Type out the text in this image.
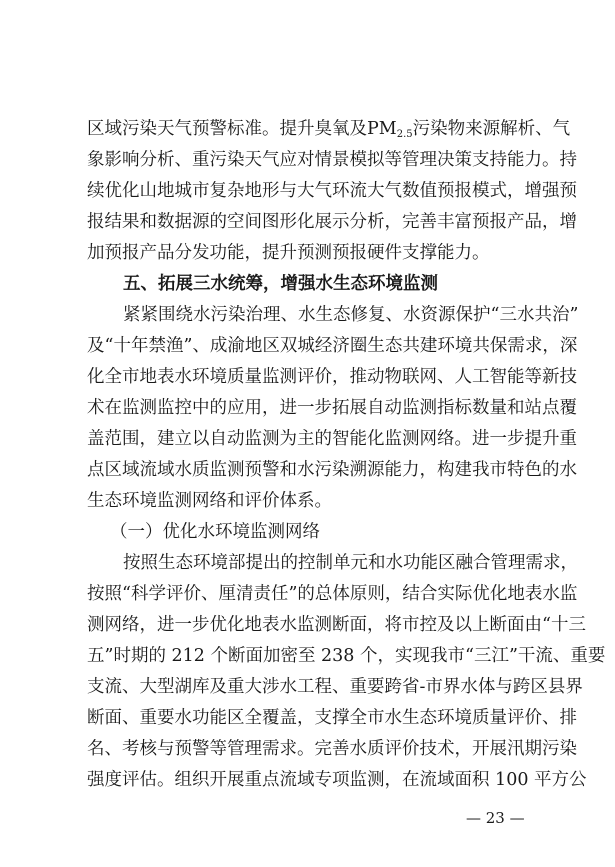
区域污染天气预警标准。提升臭氧及$PM_{2.5}$污染物来源解析、气
象影响分析、重污染天气应对情景模拟等管理决策支持能力。持
续优化山地城市复杂地形与大气环流大气数值预报模式，增强预
报结果和数据源的空间图形化展示分析，完善丰富预报产品，增
加预报产品分发功能，提升预测预报硬件支撑能力。
五、拓展三水统筹，增强水生态环境监测
紧紧围绕水污染治理、水生态修复、水资源保护“三水共治”
及“十年禁渔”、成渝地区双城经济圈生态共建环境共保需求，深
化全市地表水环境质量监测评价，推动物联网、人工智能等新技
术在监测监控中的应用，进一步拓展自动监测指标数量和站点覆
盖范围，建立以自动监测为主的智能化监测网络。进一步提升重
点区域流域水质监测预警和水污染溯源能力，构建我市特色的水
生态环境监测网络和评价体系。
（一）优化水环境监测网络
按照生态环境部提出的控制单元和水功能区融合管理需求，
按照“科学评价、厘清责任”的总体原则，结合实际优化地表水监
测网络，进一步优化地表水监测断面，将市控及以上断面由“十三
五”时期的 212 个断面加密至 238 个，实现我市“三江”干流、重要
支流、大型湖库及重大涉水工程、重要跨省-市界水体与跨区县界
断面、重要水功能区全覆盖，支撑全市水生态环境质量评价、排
名、考核与预警等管理需求。完善水质评价技术，开展汛期污染
强度评估。组织开展重点流域专项监测，在流域面积 100 平方公
— 23 —
